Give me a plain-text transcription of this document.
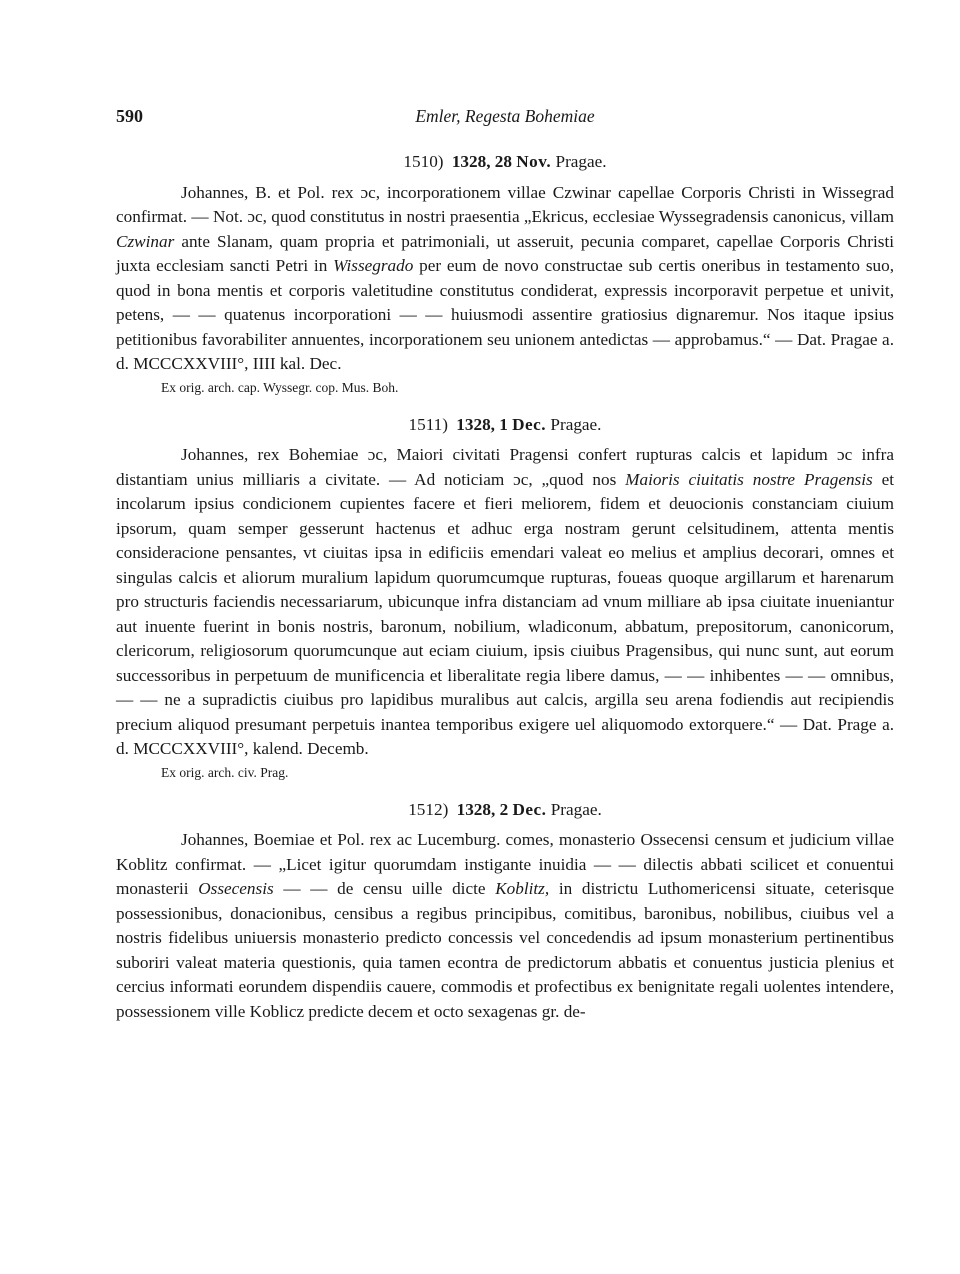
590	Emler, Regesta Bohemiae
1510) 1328, 28 Nov. Pragae.

Johannes, B. et Pol. rex ɔc, incorporationem villae Czwinar capellae Corporis Christi in Wissegrad confirmat. — Not. ɔc, quod constitutus in nostri praesentia „Ekricus, ecclesiae Wyssegradensis canonicus, villam Czwinar ante Slanam, quam propria et patrimoniali, ut asseruit, pecunia comparet, capellae Corporis Christi juxta ecclesiam sancti Petri in Wissegrado per eum de novo constructae sub certis oneribus in testamento suo, quod in bona mentis et corporis valetitudine constitutus condiderat, expressis incorporavit perpetue et univit, petens, — — quatenus incorporationi — — huiusmodi assentire gratiosius dignaremur. Nos itaque ipsius petitionibus favorabiliter annuentes, incorporationem seu unionem antedictas — approbamus.“ — Dat. Pragae a. d. MCCCXXVIII°, IIII kal. Dec.

Ex orig. arch. cap. Wyssegr. cop. Mus. Boh.
1511) 1328, 1 Dec. Pragae.

Johannes, rex Bohemiae ɔc, Maiori civitati Pragensi confert rupturas calcis et lapidum ɔc infra distantiam unius milliaris a civitate. — Ad noticiam ɔc, „quod nos Maioris ciuitatis nostre Pragensis et incolarum ipsius condicionem cupientes facere et fieri meliorem, fidem et deuocionis constanciam ciuium ipsorum, quam semper gesserunt hactenus et adhuc erga nostram gerunt celsitudinem, attenta mentis consideracione pensantes, vt ciuitas ipsa in edificiis emendari valeat eo melius et amplius decorari, omnes et singulas calcis et aliorum muralium lapidum quorumcumque rupturas, foueas quoque argillarum et harenarum pro structuris faciendis necessariarum, ubicunque infra distanciam ad vnum milliare ab ipsa ciuitate inueniantur aut inuente fuerint in bonis nostris, baronum, nobilium, wladiconum, abbatum, prepositorum, canonicorum, clericorum, religiosorum quorumcunque aut eciam ciuium, ipsis ciuibus Pragensibus, qui nunc sunt, aut eorum successoribus in perpetuum de munificencia et liberalitate regia libere damus, — — inhibentes — — omnibus, — — ne a supradictis ciuibus pro lapidibus muralibus aut calcis, argilla seu arena fodiendis aut recipiendis precium aliquod presumant perpetuis inantea temporibus exigere uel aliquomodo extorquere.“ — Dat. Prage a. d. MCCCXXVIII°, kalend. Decemb.

Ex orig. arch. civ. Prag.
1512) 1328, 2 Dec. Pragae.

Johannes, Boemiae et Pol. rex ac Lucemburg. comes, monasterio Ossecensi censum et judicium villae Koblitz confirmat. — „Licet igitur quorumdam instigante inuidia — — dilectis abbati scilicet et conuentui monasterii Ossecensis — — de censu uille dicte Koblitz, in districtu Luthomericensi situate, ceterisque possessionibus, donacionibus, censibus a regibus principibus, comitibus, baronibus, nobilibus, ciuibus vel a nostris fidelibus uniuersis monasterio predicto concessis vel concedendis ad ipsum monasterium pertinentibus suboriri valeat materia questionis, quia tamen econtra de predictorum abbatis et conuentus justicia plenius et cercius informati eorundem dispendiis cauere, commodis et profectibus ex benignitate regali uolentes intendere, possessionem ville Koblicz predicte decem et octo sexagenas gr. de-
